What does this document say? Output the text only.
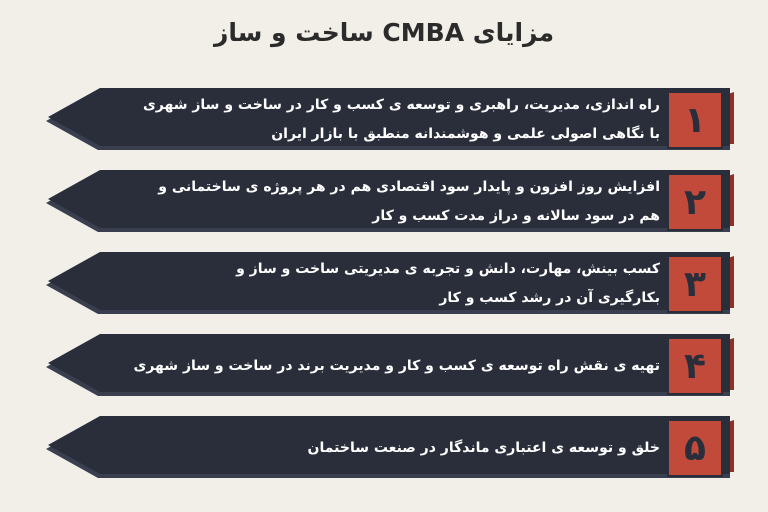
مزایای CMBA ساخت و ساز
راه اندازی، مدیریت، راهبری و توسعه ی کسب و کار در ساخت و ساز شهری
با نگاهی اصولی علمی و هوشمندانه منطبق با بازار ایران ۱
افزایش روز افزون و پایدار سود اقتصادی هم در هر پروژه ی ساختمانی و
هم در سود سالانه و دراز مدت کسب و کار ۲
کسب بینش، مهارت، دانش و تجربه ی مدیریتی ساخت و ساز و
بکارگیری آن در رشد کسب و کار ۳
تهیه ی نقش راه توسعه ی کسب و کار و مدیریت برند در ساخت و ساز شهری ۴
خلق و توسعه ی اعتباری ماندگار در صنعت ساختمان ۵
